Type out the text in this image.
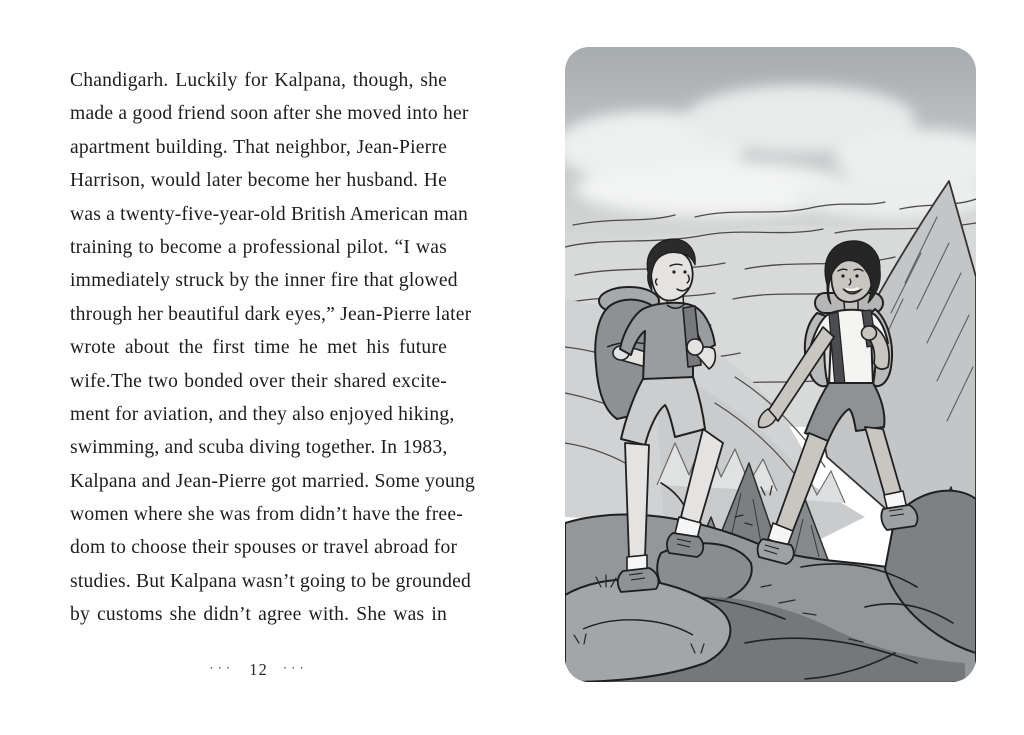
Chandigarh. Luckily for Kalpana, though, she
made a good friend soon after she moved into her
apartment building. That neighbor, Jean-Pierre
Harrison, would later become her husband. He
was a twenty-five-year-old British American man
training to become a professional pilot. “I was
immediately struck by the inner fire that glowed
through her beautiful dark eyes,” Jean-Pierre later
wrote about the first time he met his future wife. The two bonded over their shared excite-
ment for aviation, and they also enjoyed hiking,
swimming, and scuba diving together. In 1983,
Kalpana and Jean-Pierre got married. Some young
women where she was from didn’t have the free-
dom to choose their spouses or travel abroad for
studies. But Kalpana wasn’t going to be grounded
by customs she didn’t agree with. She was in
··· 12 ···
